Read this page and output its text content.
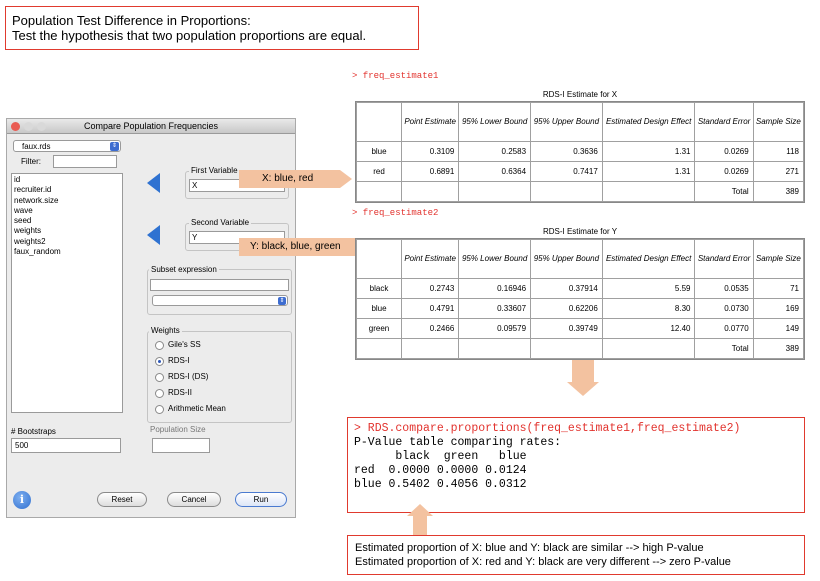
Population Test Difference in Proportions:
Test the hypothesis that two population proportions are equal.
Compare Population Frequencies
faux.rds	⇕
Filter:
id
recruiter.id
network.size
wave
seed
weights
weights2
faux_random
First Variable
X
Second Variable
Y
Subset expression
⇕
Weights
Gile's SS
RDS-I
RDS-I (DS)
RDS-II
Arithmetic Mean
# Bootstraps
500
Population Size
i	Reset	Cancel	Run
X: blue, red
Y: black, blue, green
> freq_estimate1
RDS-I Estimate for X
	Point Estimate	95% Lower Bound	95% Upper Bound	Estimated Design Effect	Standard Error	Sample Size
blue	0.3109	0.2583	0.3636	1.31	0.0269	118
red	0.6891	0.6364	0.7417	1.31	0.0269	271
					Total	389
> freq_estimate2
RDS-I Estimate for Y
	Point Estimate	95% Lower Bound	95% Upper Bound	Estimated Design Effect	Standard Error	Sample Size
black	0.2743	0.16946	0.37914	5.59	0.0535	71
blue	0.4791	0.33607	0.62206	8.30	0.0730	169
green	0.2466	0.09579	0.39749	12.40	0.0770	149
					Total	389
> RDS.compare.proportions(freq_estimate1,freq_estimate2)
P-Value table comparing rates:
black  green   blue
red  0.0000 0.0000 0.0124
blue 0.5402 0.4056 0.0312
Estimated proportion of X: blue and Y: black are similar --> high P-value
Estimated proportion of X: red and Y: black are very different --> zero P-value
